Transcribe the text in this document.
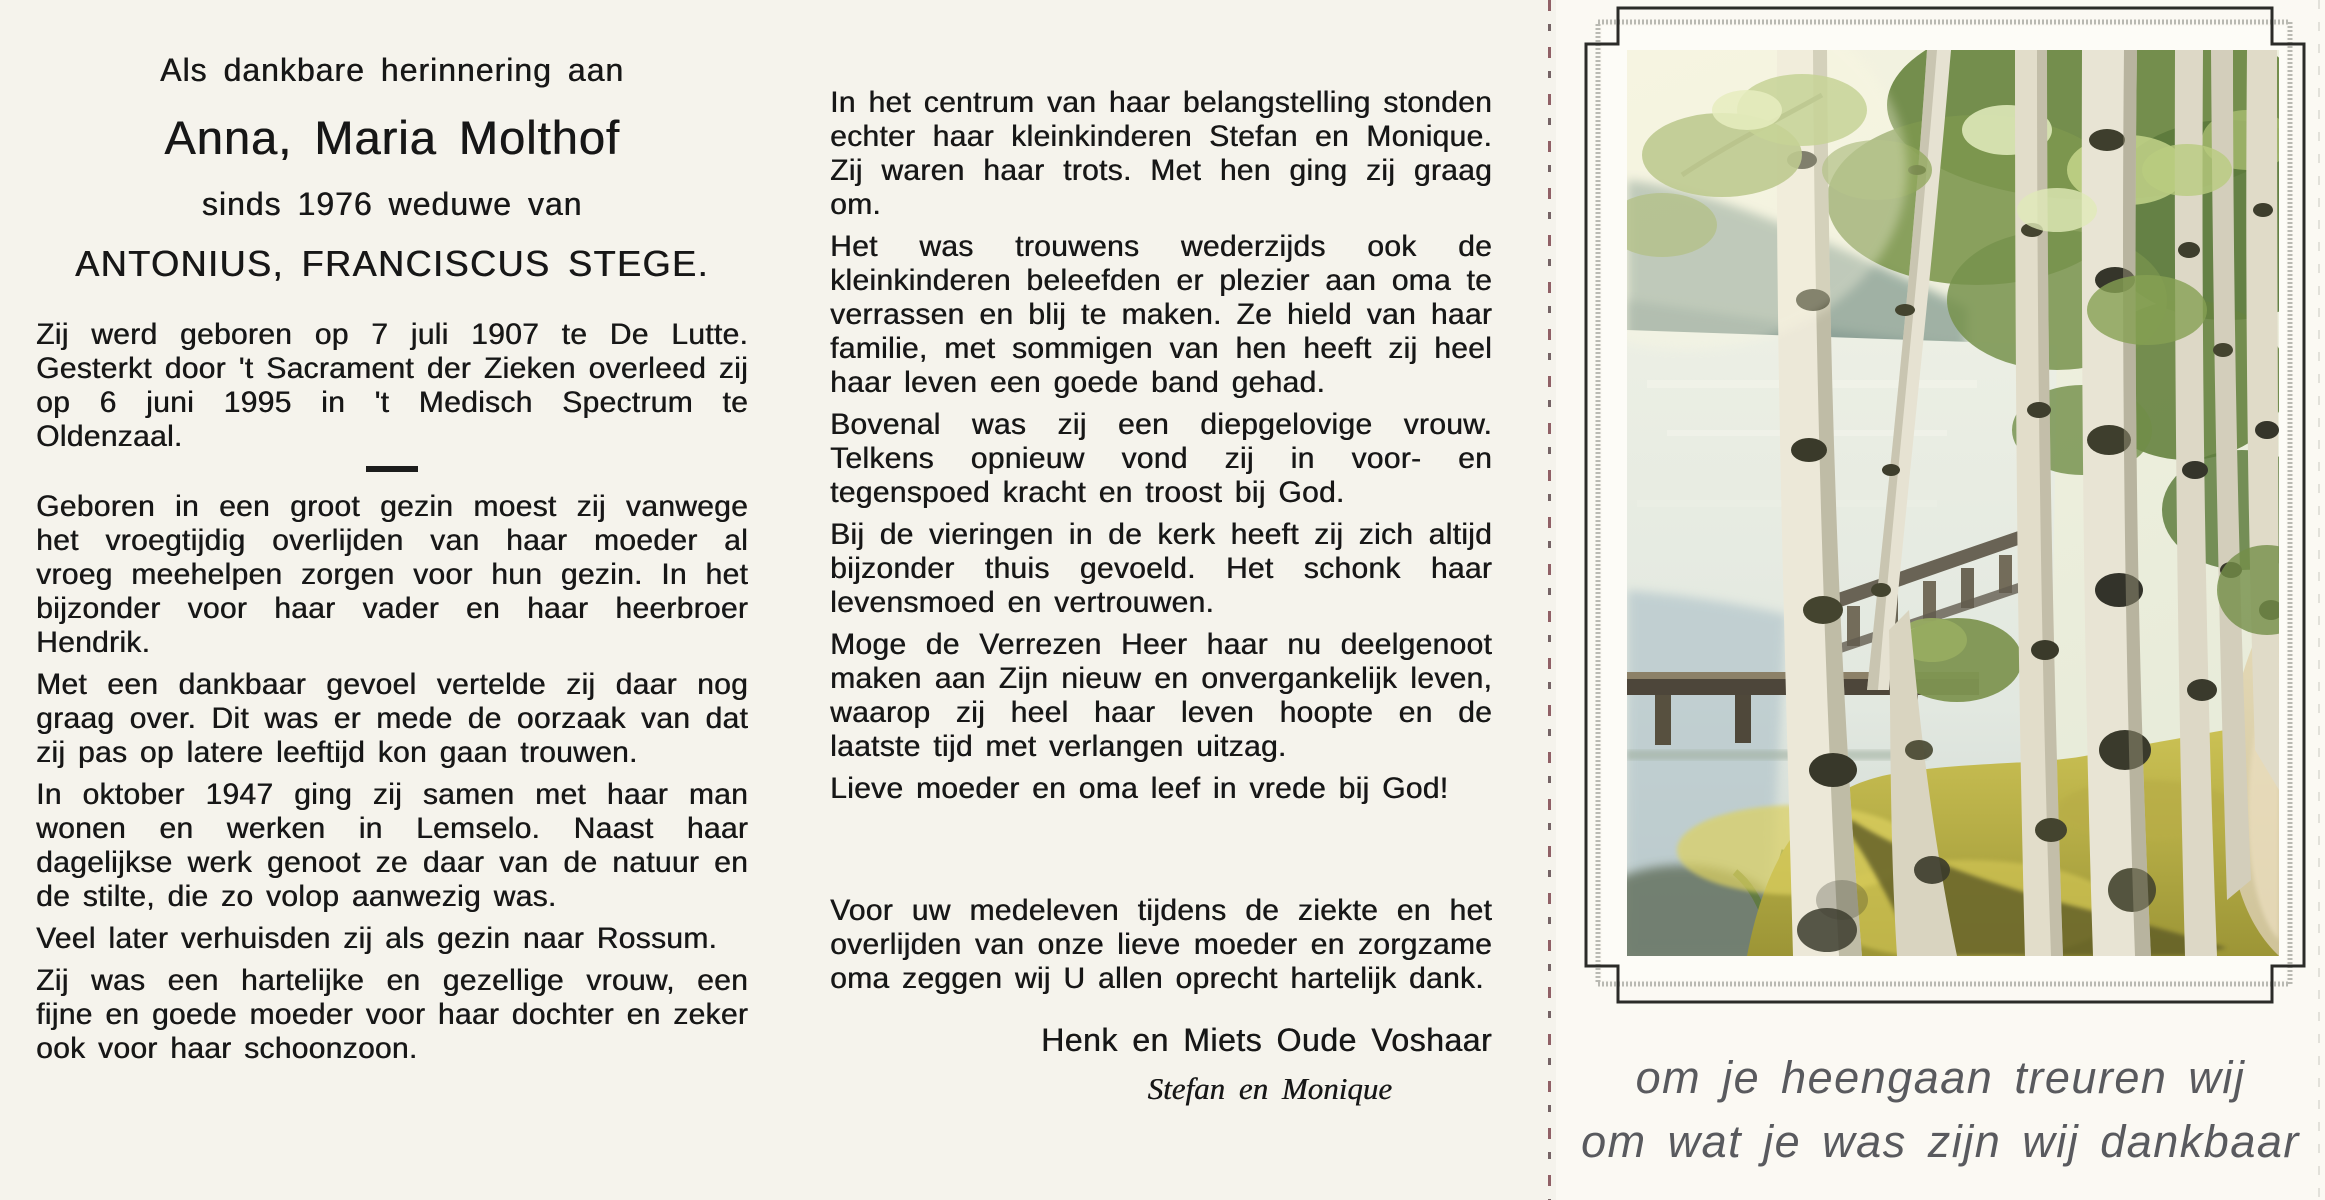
Als dankbare herinnering aan
Anna, Maria Molthof
sinds 1976 weduwe van
ANTONIUS, FRANCISCUS STEGE.

Zij werd geboren op 7 juli 1907 te De Lutte. Gesterkt door 't Sacrament der Zieken overleed zij op 6 juni 1995 in 't Medisch Spectrum te Oldenzaal.

Geboren in een groot gezin moest zij vanwege het vroegtijdig overlijden van haar moeder al vroeg meehelpen zorgen voor hun gezin. In het bijzonder voor haar vader en haar heerbroer Hendrik.

Met een dankbaar gevoel vertelde zij daar nog graag over. Dit was er mede de oorzaak van dat zij pas op latere leeftijd kon gaan trouwen.

In oktober 1947 ging zij samen met haar man wonen en werken in Lemselo. Naast haar dagelijkse werk genoot ze daar van de natuur en de stilte, die zo volop aanwezig was.

Veel later verhuisden zij als gezin naar Rossum.

Zij was een hartelijke en gezellige vrouw, een fijne en goede moeder voor haar dochter en zeker ook voor haar schoonzoon.

In het centrum van haar belangstelling stonden echter haar kleinkinderen Stefan en Monique. Zij waren haar trots. Met hen ging zij graag om.

Het was trouwens wederzijds ook de kleinkinderen beleefden er plezier aan oma te verrassen en blij te maken. Ze hield van haar familie, met sommigen van hen heeft zij heel haar leven een goede band gehad.

Bovenal was zij een diepgelovige vrouw. Telkens opnieuw vond zij in voor- en tegenspoed kracht en troost bij God.

Bij de vieringen in de kerk heeft zij zich altijd bijzonder thuis gevoeld. Het schonk haar levensmoed en vertrouwen.

Moge de Verrezen Heer haar nu deelgenoot maken aan Zijn nieuw en onvergankelijk leven, waarop zij heel haar leven hoopte en de laatste tijd met verlangen uitzag.

Lieve moeder en oma leef in vrede bij God!

Voor uw medeleven tijdens de ziekte en het overlijden van onze lieve moeder en zorgzame oma zeggen wij U allen oprecht hartelijk dank.

Henk en Miets Oude Voshaar
Stefan en Monique	om je heengaan treuren wij
om wat je was zijn wij dankbaar
